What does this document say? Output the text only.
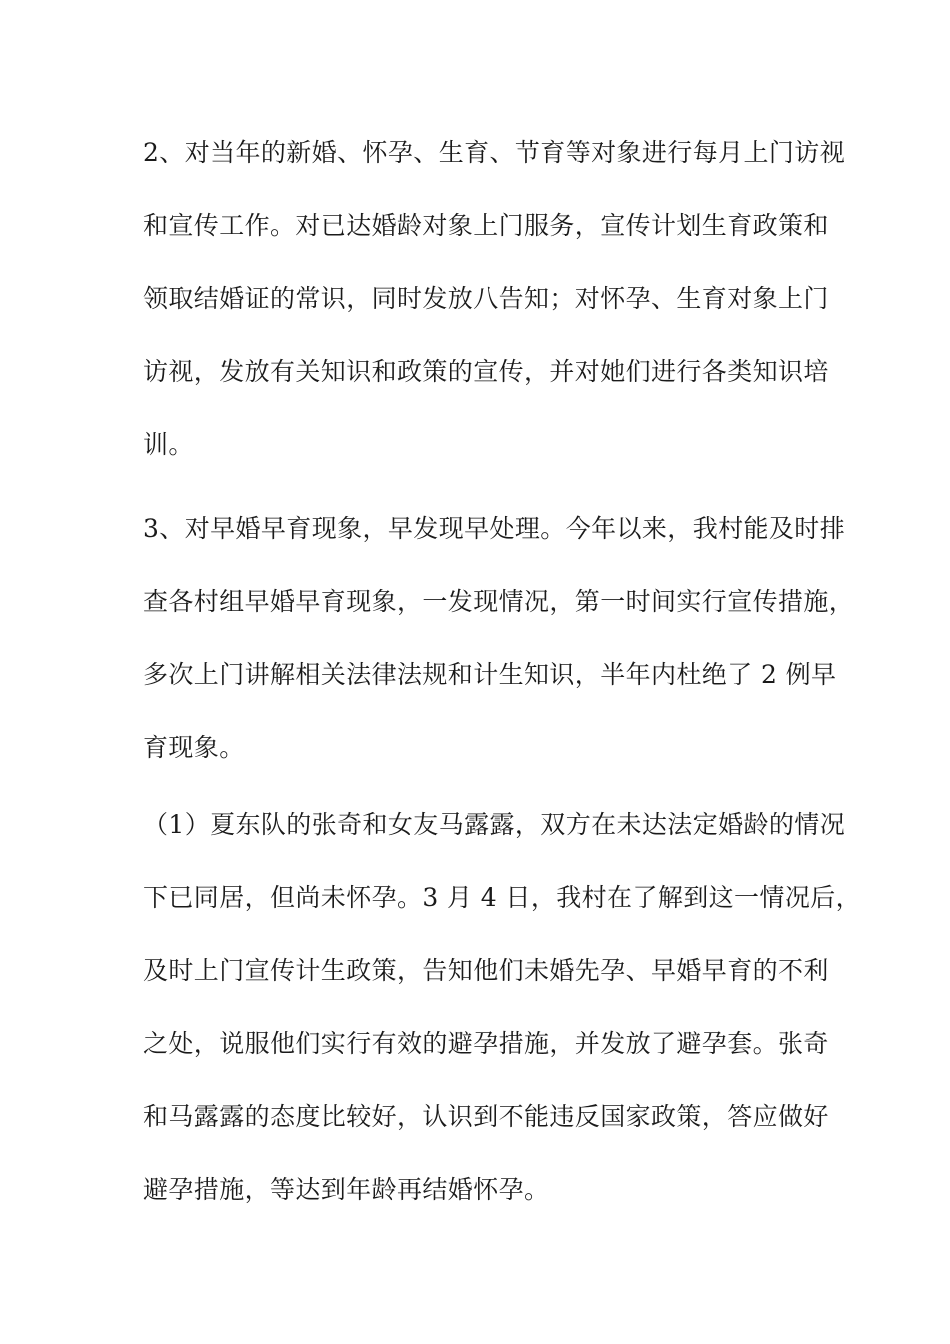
2、对当年的新婚、怀孕、生育、节育等对象进行每月上门访视
和宣传工作。对已达婚龄对象上门服务，宣传计划生育政策和
领取结婚证的常识，同时发放八告知；对怀孕、生育对象上门
访视，发放有关知识和政策的宣传，并对她们进行各类知识培
训。
3、对早婚早育现象，早发现早处理。今年以来，我村能及时排
查各村组早婚早育现象，一发现情况，第一时间实行宣传措施，
多次上门讲解相关法律法规和计生知识，半年内杜绝了 2 例早
育现象。
（1）夏东队的张奇和女友马露露，双方在未达法定婚龄的情况
下已同居，但尚未怀孕。3 月 4 日，我村在了解到这一情况后，
及时上门宣传计生政策，告知他们未婚先孕、早婚早育的不利
之处，说服他们实行有效的避孕措施，并发放了避孕套。张奇
和马露露的态度比较好，认识到不能违反国家政策，答应做好
避孕措施，等达到年龄再结婚怀孕。
